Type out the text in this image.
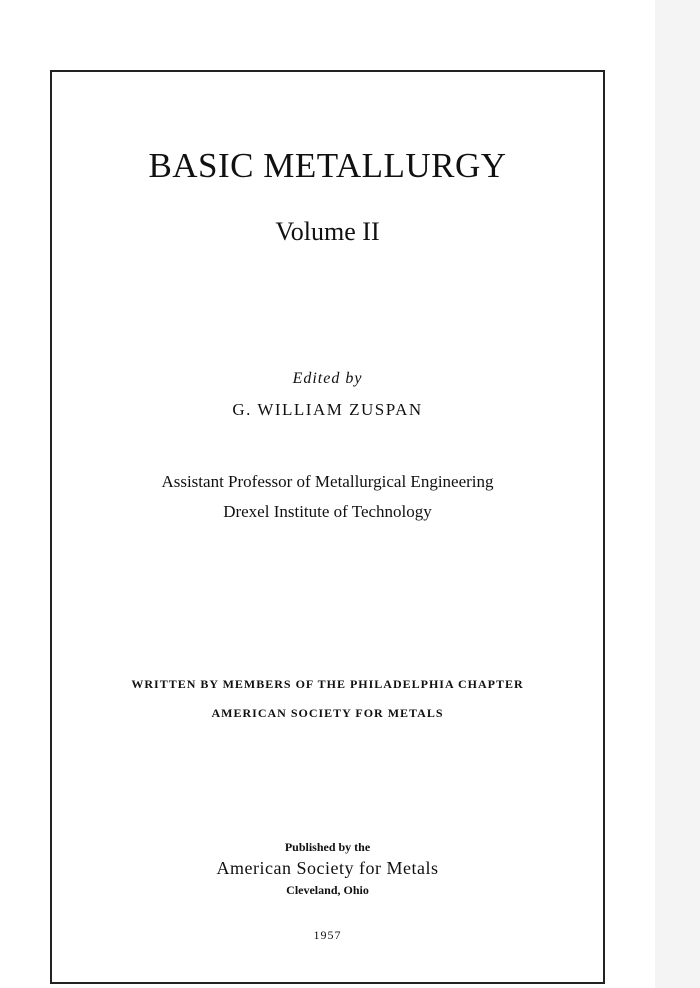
BASIC METALLURGY
Volume II
Edited by
G. WILLIAM ZUSPAN
Assistant Professor of Metallurgical Engineering
Drexel Institute of Technology
WRITTEN BY MEMBERS OF THE PHILADELPHIA CHAPTER
AMERICAN SOCIETY FOR METALS
Published by the
American Society for Metals
Cleveland, Ohio
1957
